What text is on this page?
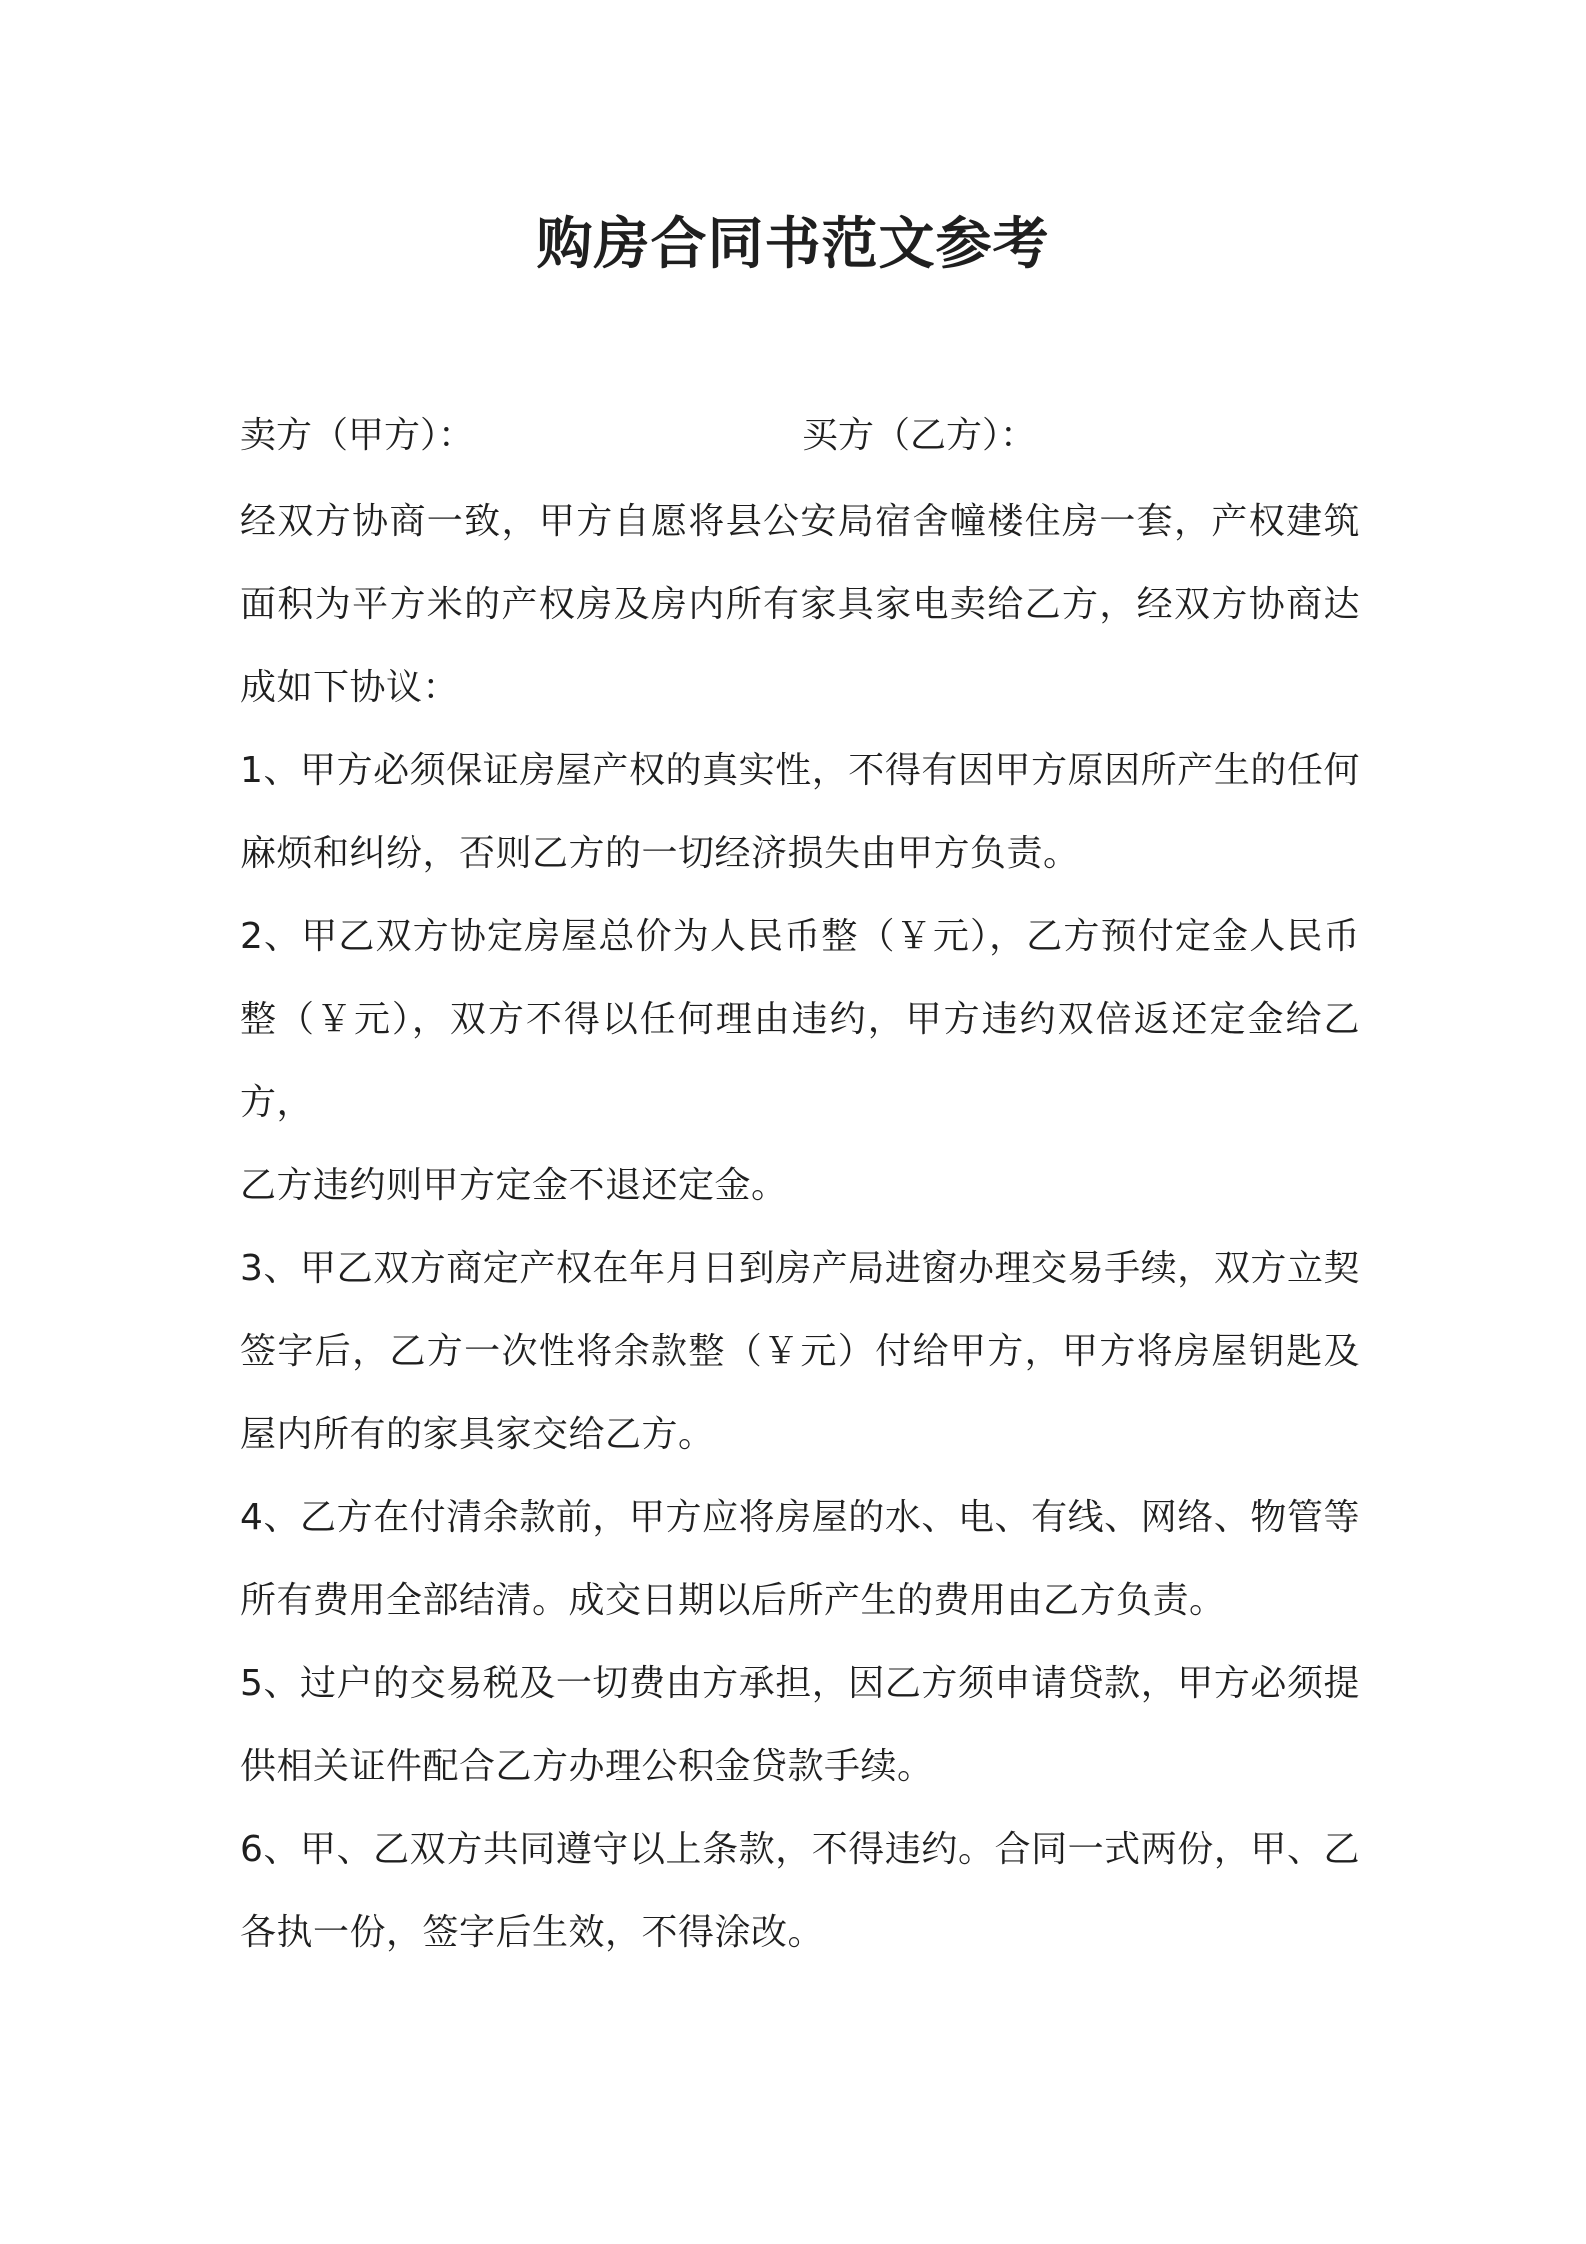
购房合同书范文参考
卖方（甲方）：	买方（乙方）：

经双方协商一致，甲方自愿将县公安局宿舍幢楼住房一套，产权建筑面积为平方米的产权房及房内所有家具家电卖给乙方，经双方协商达成如下协议：

1、甲方必须保证房屋产权的真实性，不得有因甲方原因所产生的任何麻烦和纠纷，否则乙方的一切经济损失由甲方负责。

2、甲乙双方协定房屋总价为人民币整（￥元），乙方预付定金人民币整（￥元），双方不得以任何理由违约，甲方违约双倍返还定金给乙方，

乙方违约则甲方定金不退还定金。

3、甲乙双方商定产权在年月日到房产局进窗办理交易手续，双方立契签字后，乙方一次性将余款整（￥元）付给甲方，甲方将房屋钥匙及屋内所有的家具家交给乙方。

4、乙方在付清余款前，甲方应将房屋的水、电、有线、网络、物管等所有费用全部结清。成交日期以后所产生的费用由乙方负责。

5、过户的交易税及一切费由方承担，因乙方须申请贷款，甲方必须提供相关证件配合乙方办理公积金贷款手续。

6、甲、乙双方共同遵守以上条款，不得违约。合同一式两份，甲、乙各执一份，签字后生效，不得涂改。
